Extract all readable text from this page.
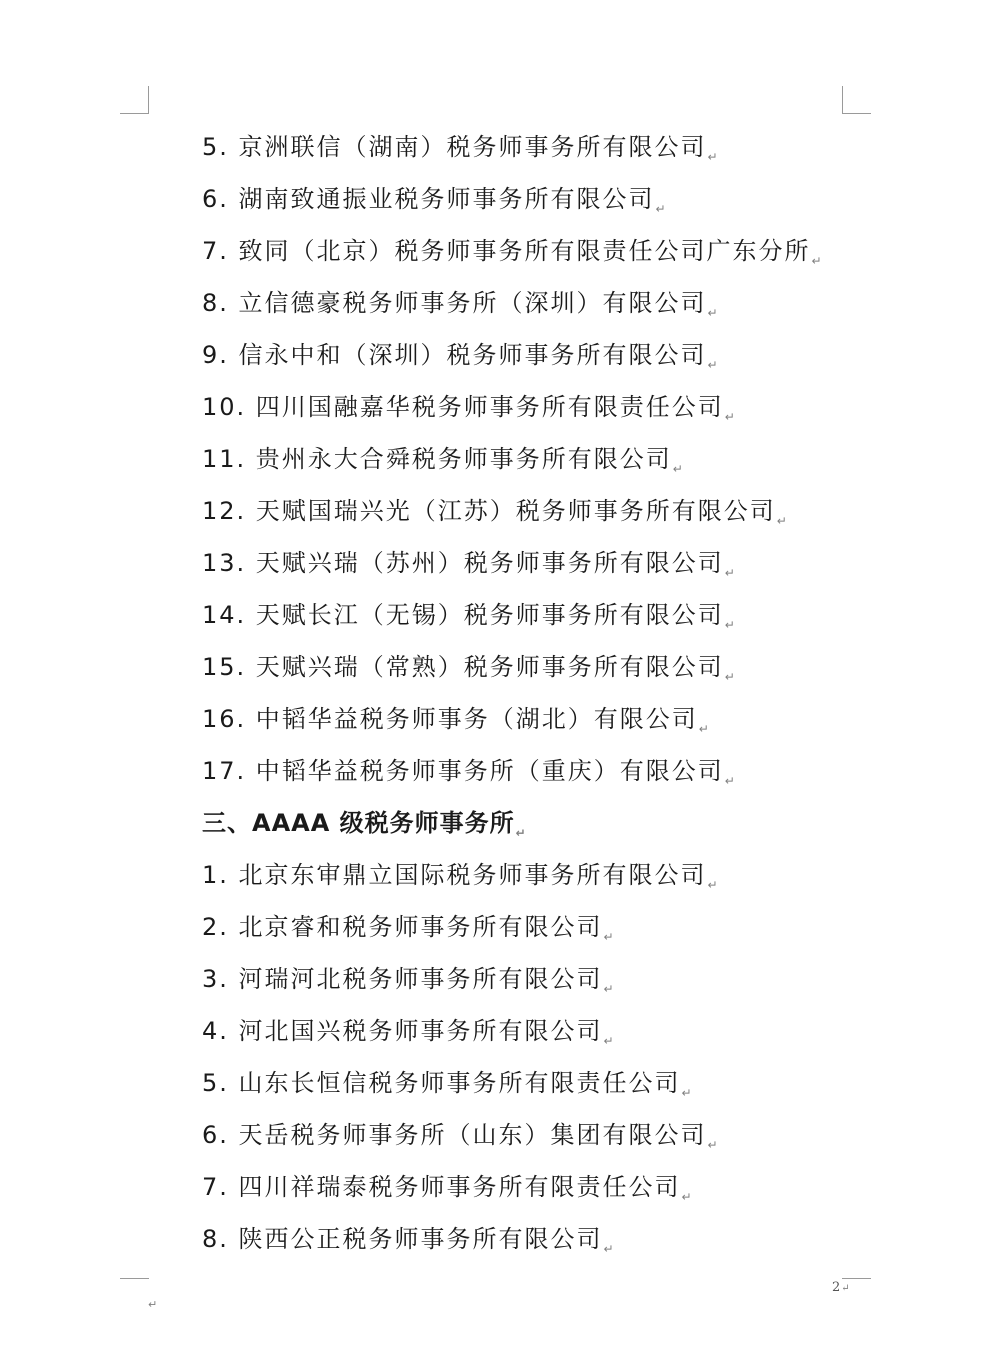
5. 京洲联信（湖南）税务师事务所有限公司$_↵$
6. 湖南致通振业税务师事务所有限公司$_↵$
7. 致同（北京）税务师事务所有限责任公司广东分所$_↵$
8. 立信德豪税务师事务所（深圳）有限公司$_↵$
9. 信永中和（深圳）税务师事务所有限公司$_↵$
10. 四川国融嘉华税务师事务所有限责任公司$_↵$
11. 贵州永大合舜税务师事务所有限公司$_↵$
12. 天赋国瑞兴光（江苏）税务师事务所有限公司$_↵$
13. 天赋兴瑞（苏州）税务师事务所有限公司$_↵$
14. 天赋长江（无锡）税务师事务所有限公司$_↵$
15. 天赋兴瑞（常熟）税务师事务所有限公司$_↵$
16. 中韬华益税务师事务（湖北）有限公司$_↵$
17. 中韬华益税务师事务所（重庆）有限公司$_↵$
三、AAAA 级税务师事务所$_↵$
1. 北京东审鼎立国际税务师事务所有限公司$_↵$
2. 北京睿和税务师事务所有限公司$_↵$
3. 河瑞河北税务师事务所有限公司$_↵$
4. 河北国兴税务师事务所有限公司$_↵$
5. 山东长恒信税务师事务所有限责任公司$_↵$
6. 天岳税务师事务所（山东）集团有限公司$_↵$
7. 四川祥瑞泰税务师事务所有限责任公司$_↵$
8. 陕西公正税务师事务所有限公司$_↵$
2↵
↵
